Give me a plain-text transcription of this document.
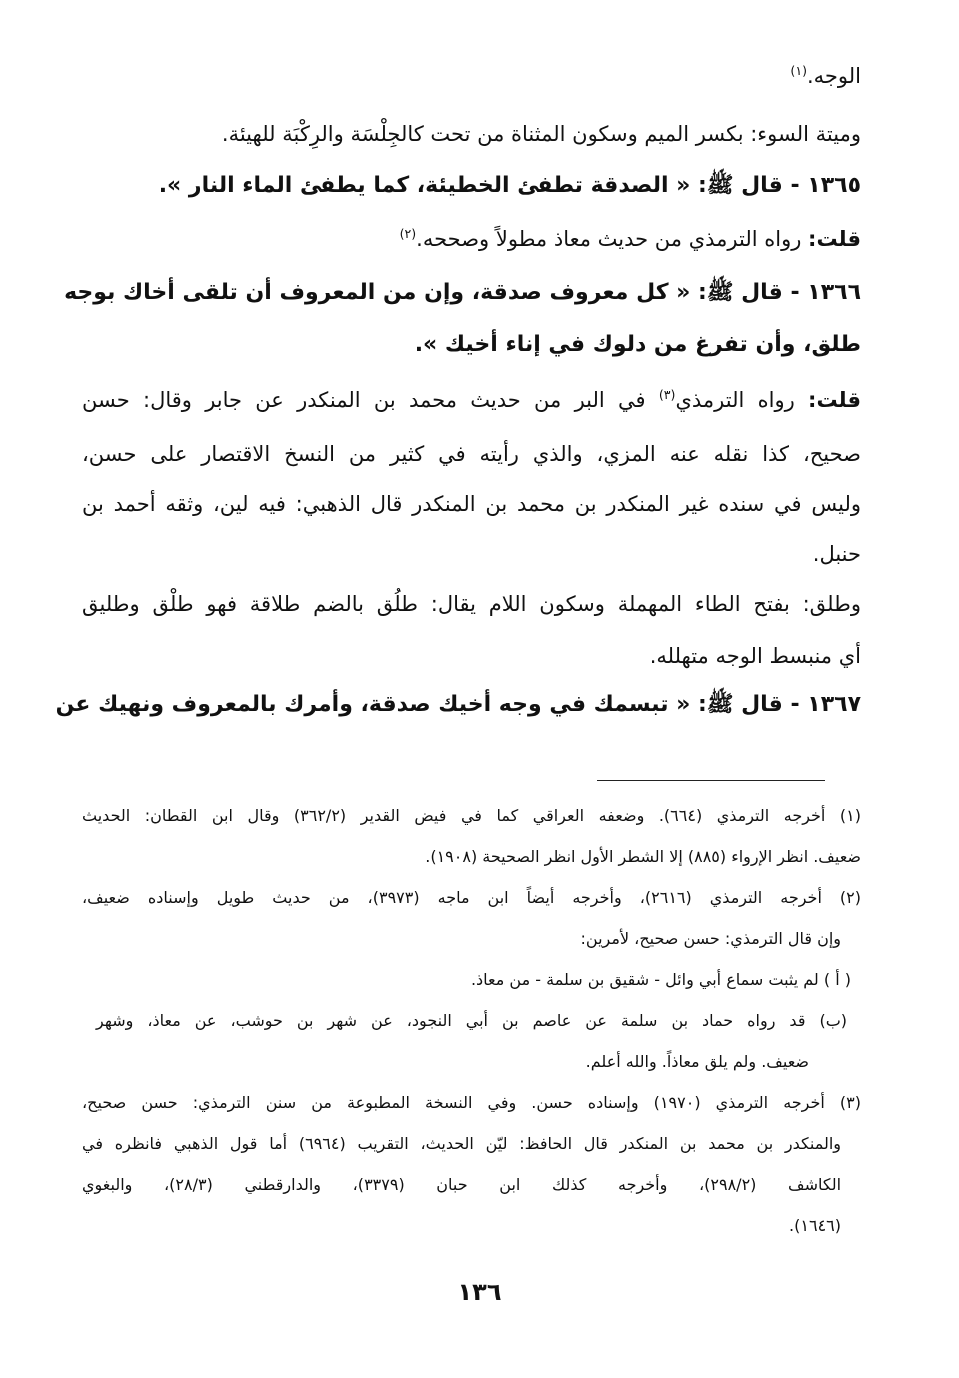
الوجه.$^{(١)}$
وميتة السوء: بكسر الميم وسكون المثناة من تحت كالجِلْسَة والرِكْبَة للهيئة.
١٣٦٥ - قال ﷺ: « الصدقة تطفئ الخطيئة، كما يطفئ الماء النار ».
قلت: رواه الترمذي من حديث معاذ مطولاً وصححه.$^{(٢)}$
١٣٦٦ - قال ﷺ: « كل معروف صدقة، وإن من المعروف أن تلقى أخاك بوجه
طلق، وأن تفرغ من دلوك في إناء أخيك ».
قلت: رواه الترمذي$^{(٣)}$ في البر من حديث محمد بن المنكدر عن جابر وقال: حسن
صحيح، كذا نقله عنه المزي، والذي رأيته في كثير من النسخ الاقتصار على حسن،
وليس في سنده غير المنكدر بن محمد بن المنكدر قال الذهبي: فيه لين، وثقه أحمد بن
حنبل.
وطلق: بفتح الطاء المهملة وسكون اللام يقال: طلُق بالضم طلاقة فهو طلْق وطليق
أي منبسط الوجه متهلله.
١٣٦٧ - قال ﷺ: « تبسمك في وجه أخيك صدقة، وأمرك بالمعروف ونهيك عن
(١) أخرجه الترمذي (٦٦٤). وضعفه العراقي كما في فيض القدير (٣٦٢/٢) وقال ابن القطان: الحديث
ضعيف. انظر الإرواء (٨٨٥) إلا الشطر الأول انظر الصحيحة (١٩٠٨).
(٢) أخرجه الترمذي (٢٦١٦)، وأخرجه أيضاً ابن ماجه (٣٩٧٣)، من حديث طويل وإسناده ضعيف،
وإن قال الترمذي: حسن صحيح، لأمرين:
( أ ) لم يثبت سماع أبي وائل - شقيق بن سلمة - من معاذ.
(ب) قد رواه حماد بن سلمة عن عاصم بن أبي النجود، عن شهر بن حوشب، عن معاذ، وشهر
ضعيف. ولم يلق معاذاً. والله أعلم.
(٣) أخرجه الترمذي (١٩٧٠) وإسناده حسن. وفي النسخة المطبوعة من سنن الترمذي: حسن صحيح،
والمنكدر بن محمد بن المنكدر قال الحافظ: ليّن الحديث، التقريب (٦٩٦٤) أما قول الذهبي فانظره في
الكاشف (٢٩٨/٢)، وأخرجه كذلك ابن حبان (٣٣٧٩)، والدارقطني (٢٨/٣)، والبغوي
(١٦٤٦).
١٣٦
